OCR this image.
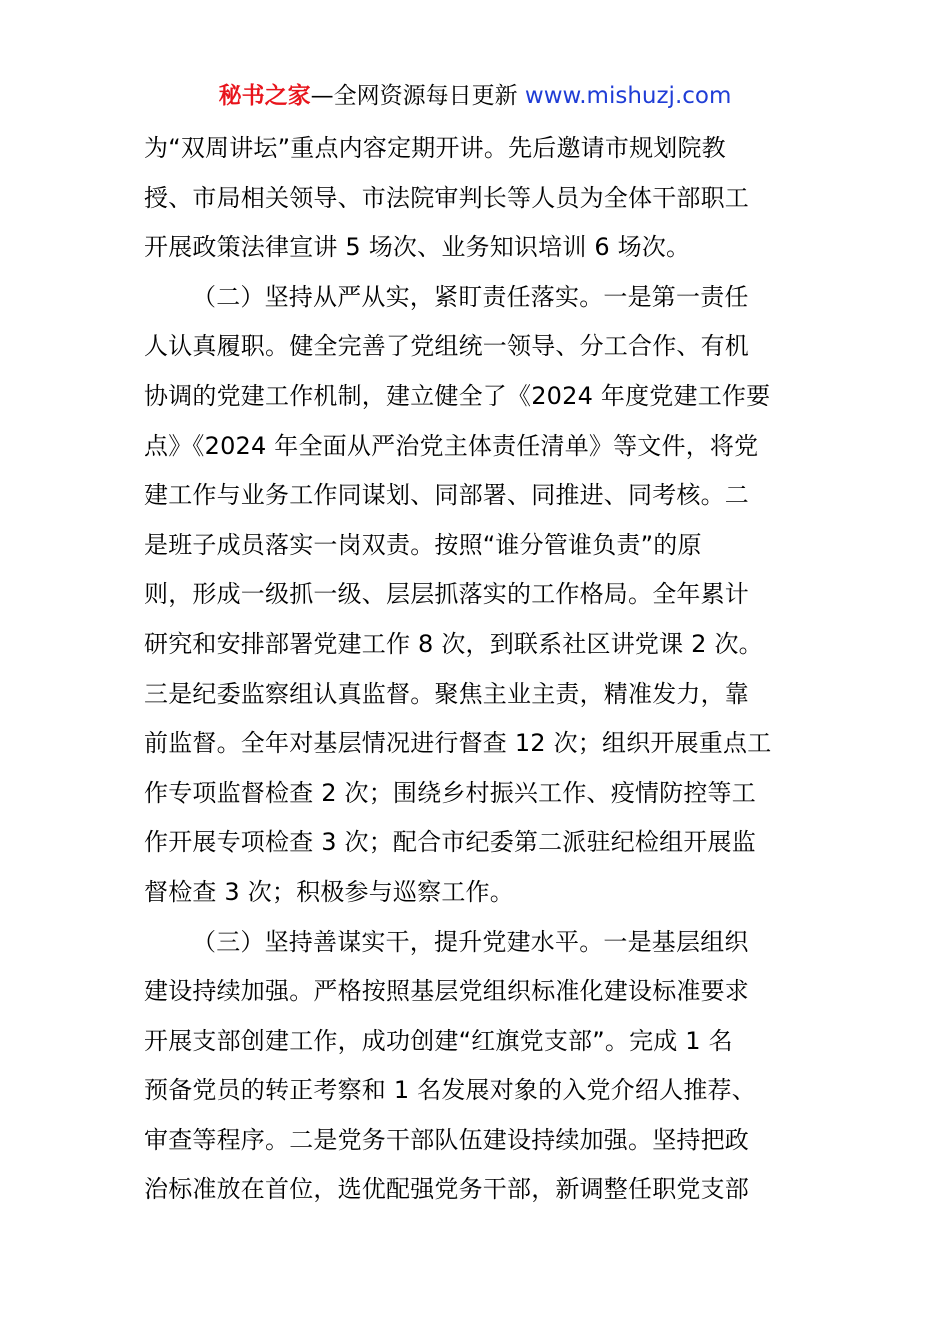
秘书之家—全网资源每日更新 www.mishuzj.com
为“双周讲坛”重点内容定期开讲。先后邀请市规划院教
授、市局相关领导、市法院审判长等人员为全体干部职工
开展政策法律宣讲 5 场次、业务知识培训 6 场次。
（二）坚持从严从实，紧盯责任落实。一是第一责任
人认真履职。健全完善了党组统一领导、分工合作、有机
协调的党建工作机制，建立健全了《2024 年度党建工作要
点》《2024 年全面从严治党主体责任清单》等文件，将党
建工作与业务工作同谋划、同部署、同推进、同考核。二
是班子成员落实一岗双责。按照“谁分管谁负责”的原
则，形成一级抓一级、层层抓落实的工作格局。全年累计
研究和安排部署党建工作 8 次，到联系社区讲党课 2 次。
三是纪委监察组认真监督。聚焦主业主责，精准发力，靠
前监督。全年对基层情况进行督查 12 次；组织开展重点工
作专项监督检查 2 次；围绕乡村振兴工作、疫情防控等工
作开展专项检查 3 次；配合市纪委第二派驻纪检组开展监
督检查 3 次；积极参与巡察工作。
（三）坚持善谋实干，提升党建水平。一是基层组织
建设持续加强。严格按照基层党组织标准化建设标准要求
开展支部创建工作，成功创建“红旗党支部”。完成 1 名
预备党员的转正考察和 1 名发展对象的入党介绍人推荐、
审查等程序。二是党务干部队伍建设持续加强。坚持把政
治标准放在首位，选优配强党务干部，新调整任职党支部
